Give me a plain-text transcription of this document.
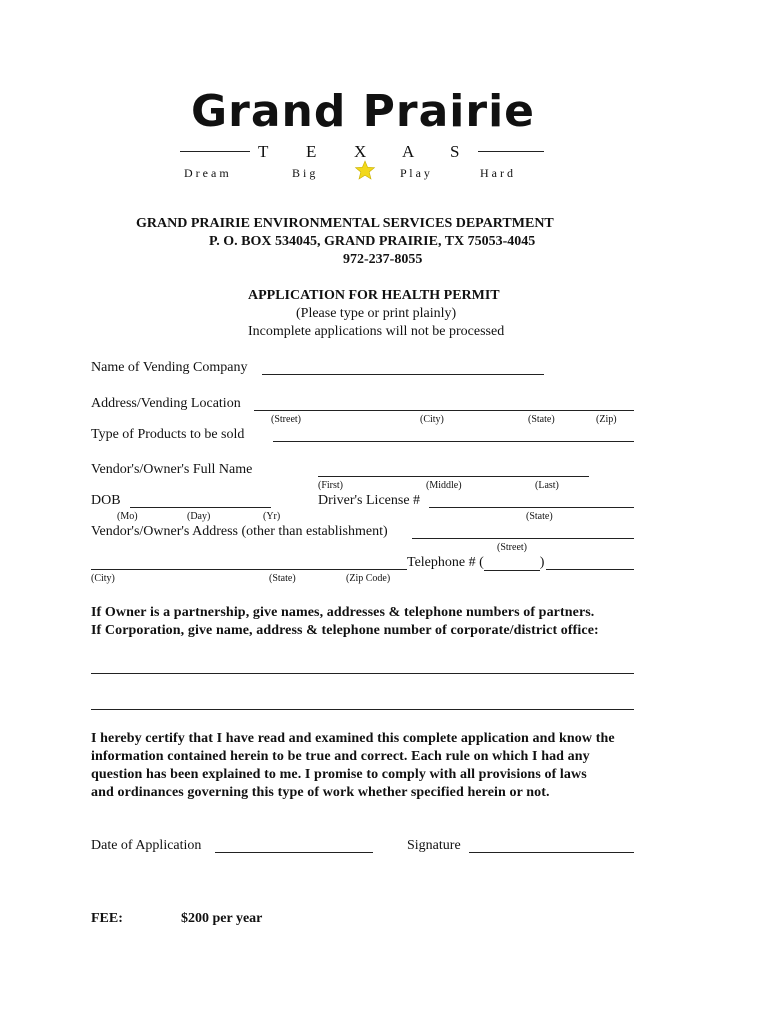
Grand Prairie
T E X A S
D r e a m	B i g	P l a y	H a r d
GRAND PRAIRIE ENVIRONMENTAL SERVICES DEPARTMENT
P. O. BOX 534045, GRAND PRAIRIE, TX 75053-4045
972-237-8055
APPLICATION FOR HEALTH PERMIT
(Please type or print plainly)
Incomplete applications will not be processed
Name of Vending Company
Address/Vending Location
(Street)	(City)	(State)	(Zip)
Type of Products to be sold
Vendor's/Owner's Full Name
(First)	(Middle)	(Last)
DOB
(Mo)	(Day)	(Yr)
Driver's License #
(State)
Vendor's/Owner's Address (other than establishment)
(Street)
Telephone # (	)
(City)	(State)	(Zip Code)
If Owner is a partnership, give names, addresses & telephone numbers of partners.
If Corporation, give name, address & telephone number of corporate/district office:
I hereby certify that I have read and examined this complete application and know the
information contained herein to be true and correct. Each rule on which I had any
question has been explained to me. I promise to comply with all provisions of laws
and ordinances governing this type of work whether specified herein or not.
Date of Application	Signature
FEE:	$200 per year
